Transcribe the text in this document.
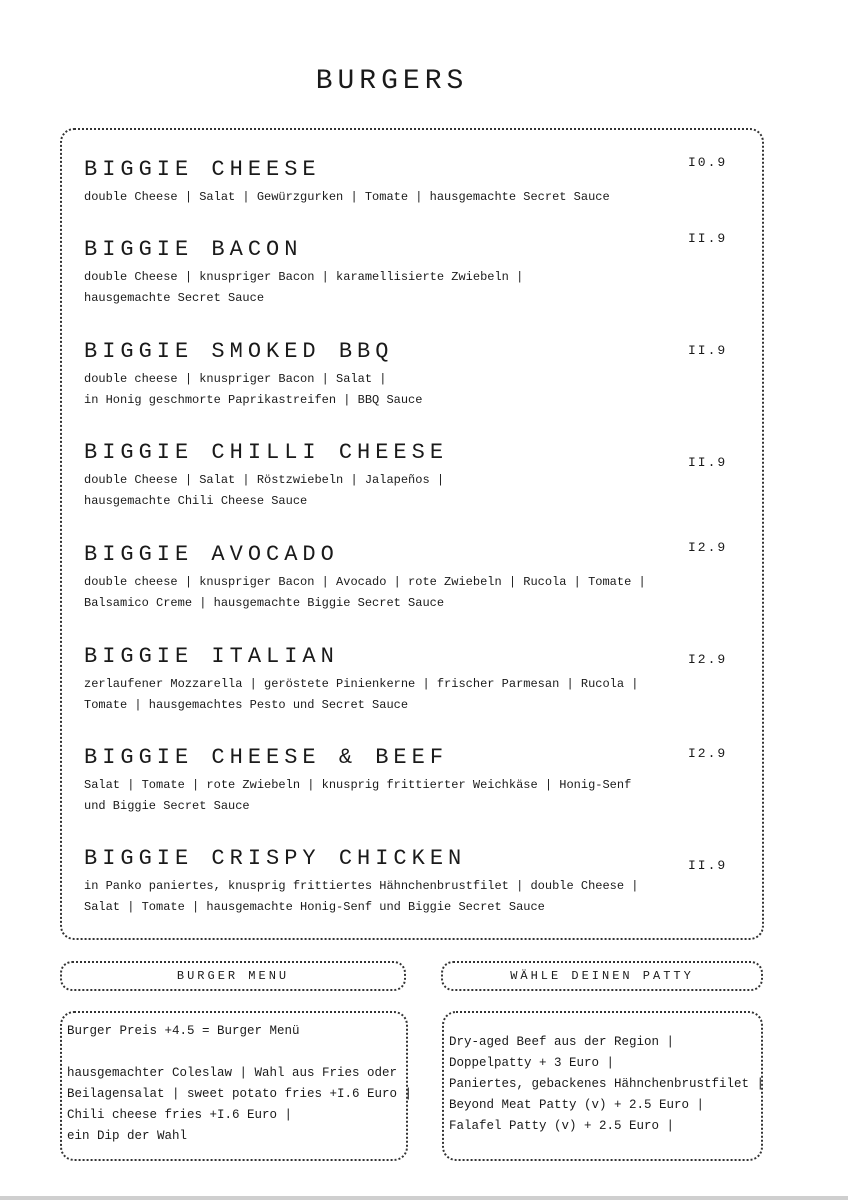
BURGERS
BIGGIE CHEESE
double Cheese | Salat | Gewürzgurken | Tomate | hausgemachte Secret Sauce
I0.9
BIGGIE BACON
double Cheese | knuspriger Bacon | karamellisierte Zwiebeln |
hausgemachte Secret Sauce
II.9
BIGGIE SMOKED BBQ
double cheese | knuspriger Bacon | Salat |
in Honig geschmorte Paprikastreifen | BBQ Sauce
II.9
BIGGIE CHILLI CHEESE
double Cheese | Salat | Röstzwiebeln | Jalapeños |
hausgemachte Chili Cheese Sauce
II.9
BIGGIE AVOCADO
double cheese | knuspriger Bacon | Avocado | rote Zwiebeln | Rucola | Tomate |
Balsamico Creme | hausgemachte Biggie Secret Sauce
I2.9
BIGGIE ITALIAN
zerlaufener Mozzarella | geröstete Pinienkerne | frischer Parmesan | Rucola |
Tomate | hausgemachtes Pesto und Secret Sauce
I2.9
BIGGIE CHEESE & BEEF
Salat | Tomate | rote Zwiebeln | knusprig frittierter Weichkäse | Honig-Senf
und Biggie Secret Sauce
I2.9
BIGGIE CRISPY CHICKEN
in Panko paniertes, knusprig frittiertes Hähnchenbrustfilet | double Cheese |
Salat | Tomate | hausgemachte Honig-Senf und Biggie Secret Sauce
II.9
BURGER MENU
Burger Preis +4.5 = Burger Menü
hausgemachter Coleslaw | Wahl aus Fries oder
Beilagensalat | sweet potato fries +I.6 Euro |
Chili cheese fries +I.6 Euro |
ein Dip der Wahl
WÄHLE DEINEN PATTY
Dry-aged Beef aus der Region |
Doppelpatty + 3 Euro |
Paniertes, gebackenes Hähnchenbrustfilet |
Beyond Meat Patty (v) + 2.5 Euro |
Falafel Patty (v) + 2.5 Euro |
